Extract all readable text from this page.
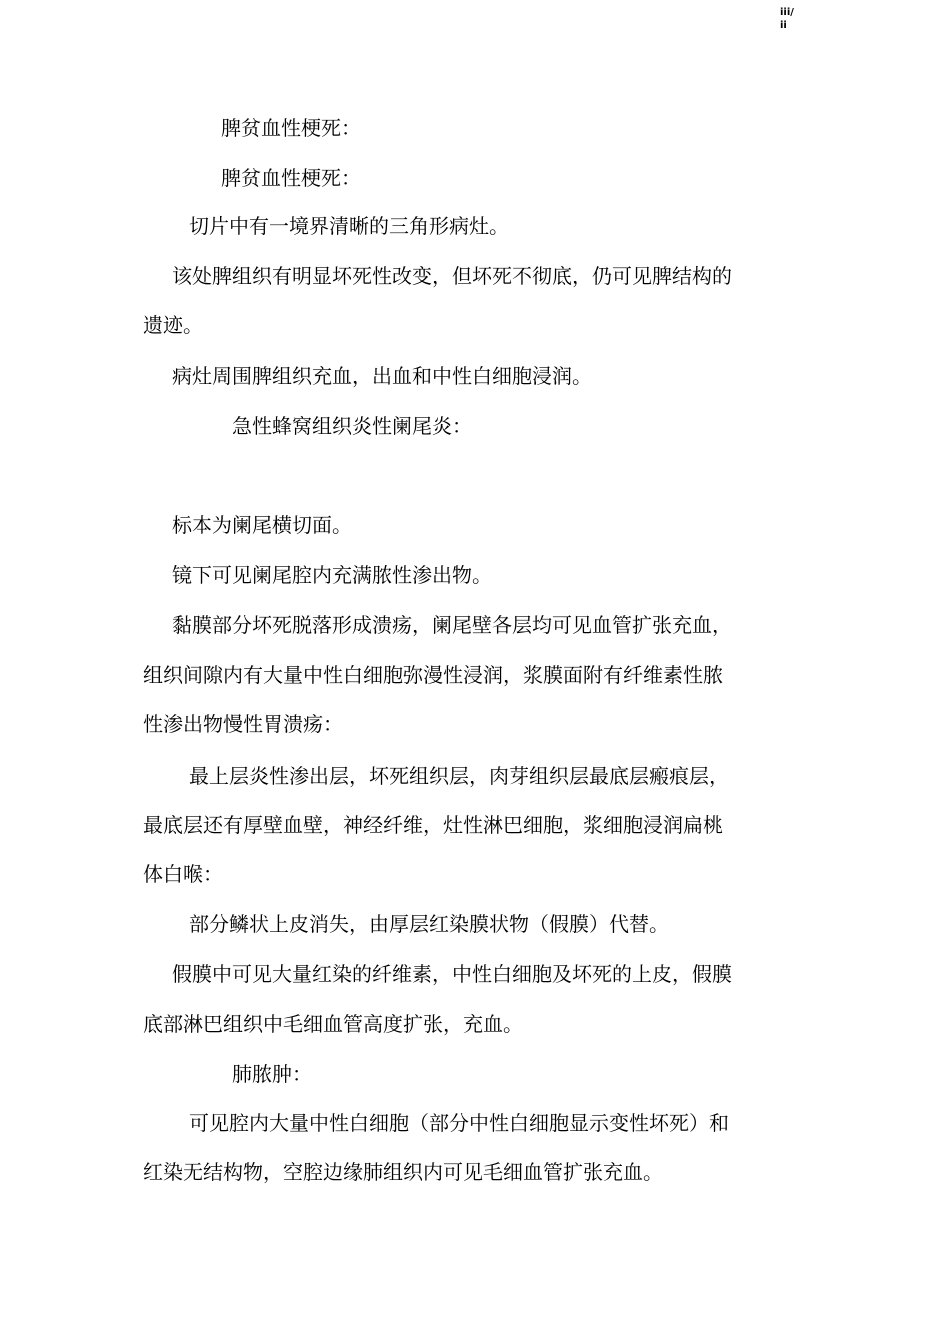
iii/
ii
脾贫血性梗死：
脾贫血性梗死：
切片中有一境界清晰的三角形病灶。
该处脾组织有明显坏死性改变，但坏死不彻底，仍可见脾结构的
遗迹。
病灶周围脾组织充血，出血和中性白细胞浸润。
急性蜂窝组织炎性阑尾炎：
标本为阑尾横切面。
镜下可见阑尾腔内充满脓性渗出物。
黏膜部分坏死脱落形成溃疡，阑尾壁各层均可见血管扩张充血，
组织间隙内有大量中性白细胞弥漫性浸润，浆膜面附有纤维素性脓
性渗出物慢性胃溃疡：
最上层炎性渗出层，坏死组织层，肉芽组织层最底层瘢痕层，
最底层还有厚壁血壁，神经纤维，灶性淋巴细胞，浆细胞浸润扁桃
体白喉：
部分鳞状上皮消失，由厚层红染膜状物（假膜）代替。
假膜中可见大量红染的纤维素，中性白细胞及坏死的上皮，假膜
底部淋巴组织中毛细血管高度扩张，充血。
肺脓肿：
可见腔内大量中性白细胞（部分中性白细胞显示变性坏死）和
红染无结构物，空腔边缘肺组织内可见毛细血管扩张充血。
